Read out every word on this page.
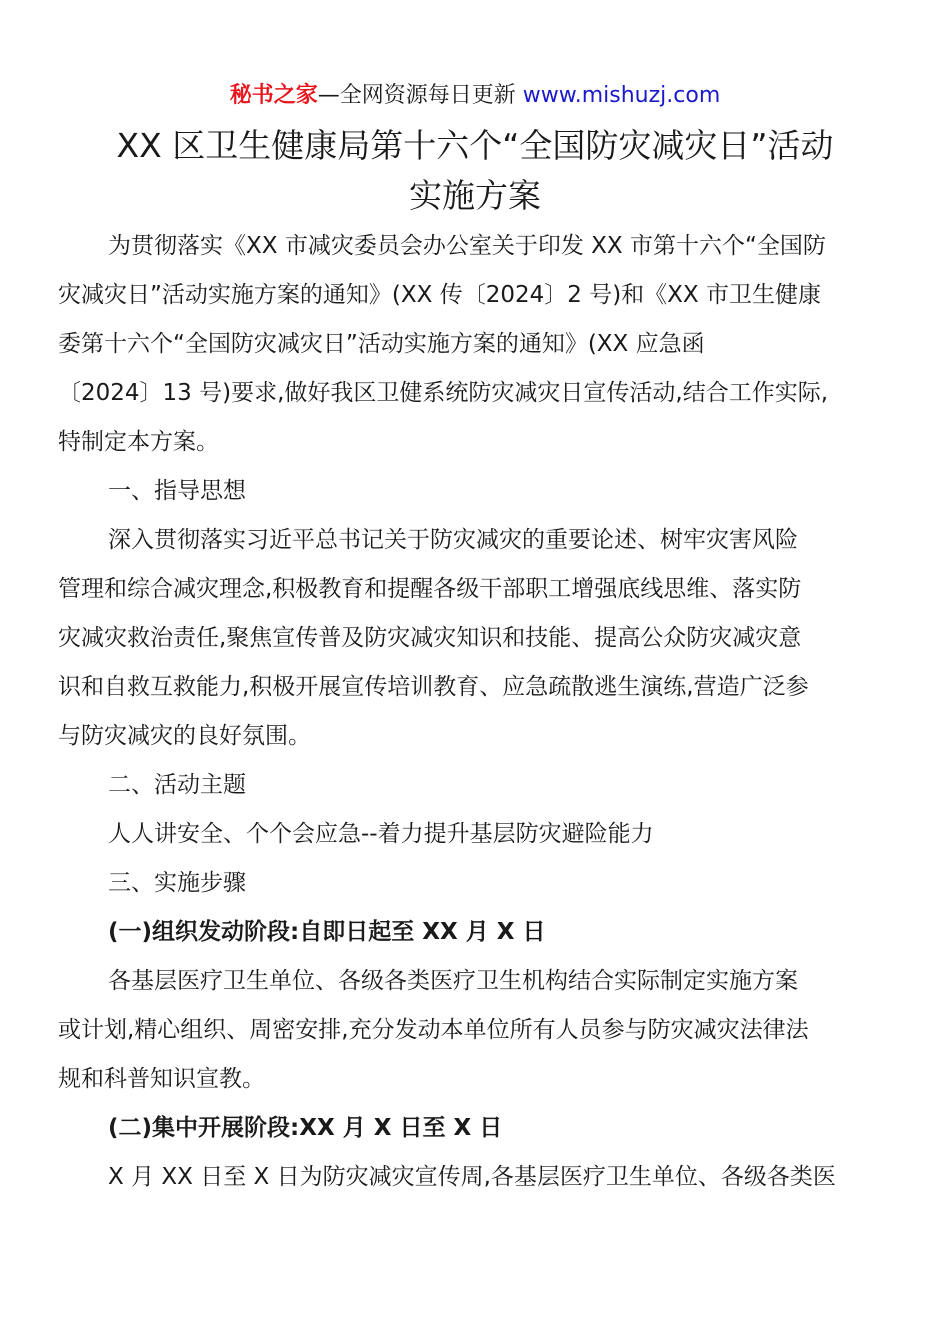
秘书之家—全网资源每日更新 www.mishuzj.com
XX 区卫生健康局第十六个“全国防灾减灾日”活动
实施方案

为贯彻落实《XX 市减灾委员会办公室关于印发 XX 市第十六个“全国防

灾减灾日”活动实施方案的通知》(XX 传〔2024〕2 号)和《XX 市卫生健康

委第十六个“全国防灾减灾日”活动实施方案的通知》(XX 应急函

〔2024〕13 号)要求,做好我区卫健系统防灾减灾日宣传活动,结合工作实际,

特制定本方案。

一、指导思想

深入贯彻落实习近平总书记关于防灾减灾的重要论述、树牢灾害风险

管理和综合减灾理念,积极教育和提醒各级干部职工增强底线思维、落实防

灾减灾救治责任,聚焦宣传普及防灾减灾知识和技能、提高公众防灾减灾意

识和自救互救能力,积极开展宣传培训教育、应急疏散逃生演练,营造广泛参

与防灾减灾的良好氛围。

二、活动主题

人人讲安全、个个会应急--着力提升基层防灾避险能力

三、实施步骤

(一)组织发动阶段:自即日起至 XX 月 X 日

各基层医疗卫生单位、各级各类医疗卫生机构结合实际制定实施方案

或计划,精心组织、周密安排,充分发动本单位所有人员参与防灾减灾法律法

规和科普知识宣教。

(二)集中开展阶段:XX 月 X 日至 X 日

X 月 XX 日至 X 日为防灾减灾宣传周,各基层医疗卫生单位、各级各类医
